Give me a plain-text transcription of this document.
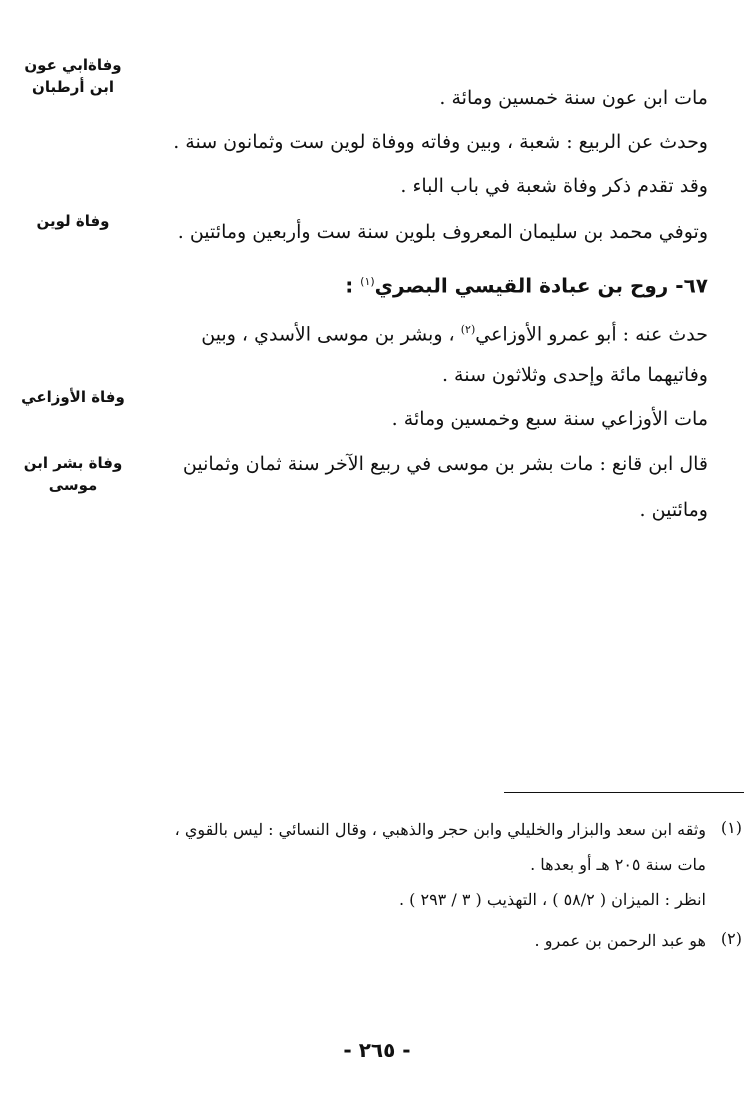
وفاةابي عون ابن أرطبان
وفاة لوين
وفاة الأوزاعي
وفاة بشر ابن موسى
مات ابن عون سنة خمسين ومائة .
وحدث عن الربيع : شعبة ، وبين وفاته ووفاة لوين ست وثمانون سنة .
وقد تقدم ذكر وفاة شعبة في باب الباء .
وتوفي محمد بن سليمان المعروف بلوين سنة ست وأربعين ومائتين .
٦٧- روح بن عبادة القيسي البصري$^{(١)}$ :
حدث عنه : أبو عمرو الأوزاعي$^{(٢)}$ ، وبشر بن موسى الأسدي ، وبين
وفاتيهما مائة وإحدى وثلاثون سنة .
مات الأوزاعي سنة سبع وخمسين ومائة .
قال ابن قانع : مات بشر بن موسى في ربيع الآخر سنة ثمان وثمانين
ومائتين .
(١)
وثقه ابن سعد والبزار والخليلي وابن حجر والذهبي ، وقال النسائي : ليس بالقوي ،
مات سنة ٢٠٥ هـ أو بعدها .
انظر : الميزان ( ٥٨/٢ ) ، التهذيب ( ٣ / ٢٩٣ ) .
(٢)
هو عبد الرحمن بن عمرو .
- ٢٦٥ -
